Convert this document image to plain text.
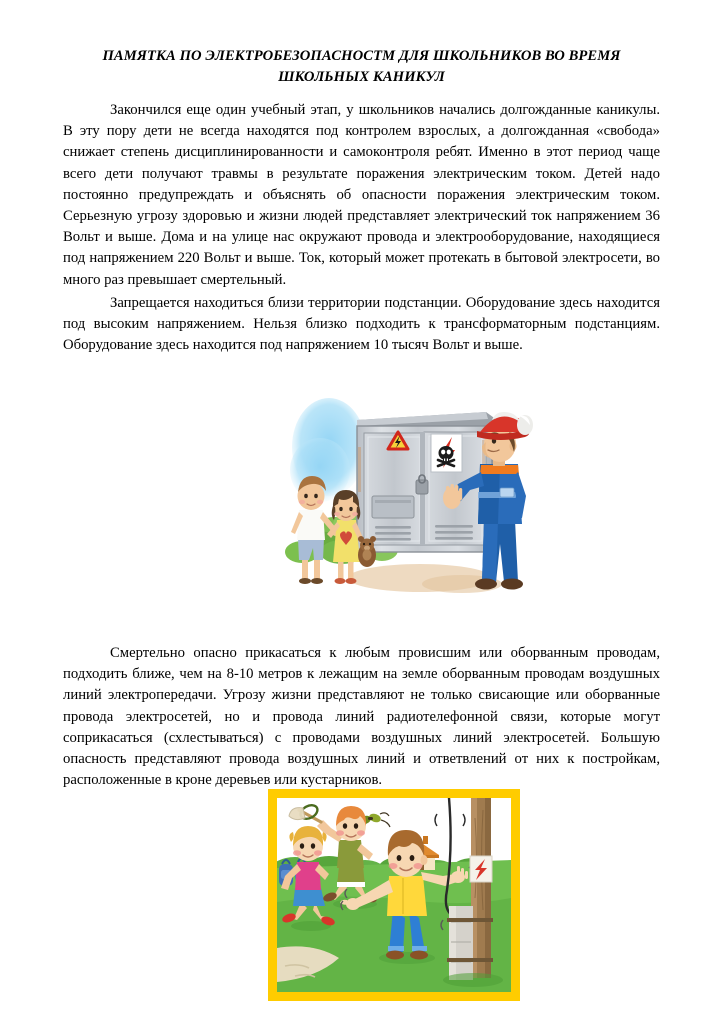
ПАМЯТКА ПО ЭЛЕКТРОБЕЗОПАСНОСТМ ДЛЯ ШКОЛЬНИКОВ ВО ВРЕМЯ ШКОЛЬНЫХ КАНИКУЛ
Закончился еще один учебный этап, у школьников начались долгожданные каникулы. В эту пору дети не всегда находятся под контролем взрослых, а долгожданная «свобода» снижает степень дисциплинированности и самоконтроля ребят. Именно в этот период чаще всего дети получают травмы в результате поражения электрическим током. Детей надо постоянно предупреждать и объяснять об опасности поражения электрическим током. Серьезную угрозу здоровью и жизни людей представляет электрический ток напряжением 36 Вольт и выше. Дома и на улице нас окружают провода и электрооборудование, находящиеся под напряжением 220 Вольт и выше. Ток, который может протекать в бытовой электросети, во много раз превышает смертельный.
Запрещается находиться близи территории подстанции. Оборудование здесь находится под высоким напряжением. Нельзя близко подходить к трансформаторным подстанциям. Оборудование здесь находится под напряжением 10 тысяч Вольт и выше.
Смертельно опасно прикасаться к любым провисшим или оборванным проводам, подходить ближе, чем на 8-10 метров к лежащим на земле оборванным проводам воздушных линий электропередачи. Угрозу жизни представляют не только свисающие или оборванные провода электросетей, но и провода линий радиотелефонной связи, которые могут соприкасаться (схлестываться) с проводами воздушных линий электросетей. Большую опасность представляют провода воздушных линий и ответвлений от них к постройкам, расположенные в кроне деревьев или кустарников.
